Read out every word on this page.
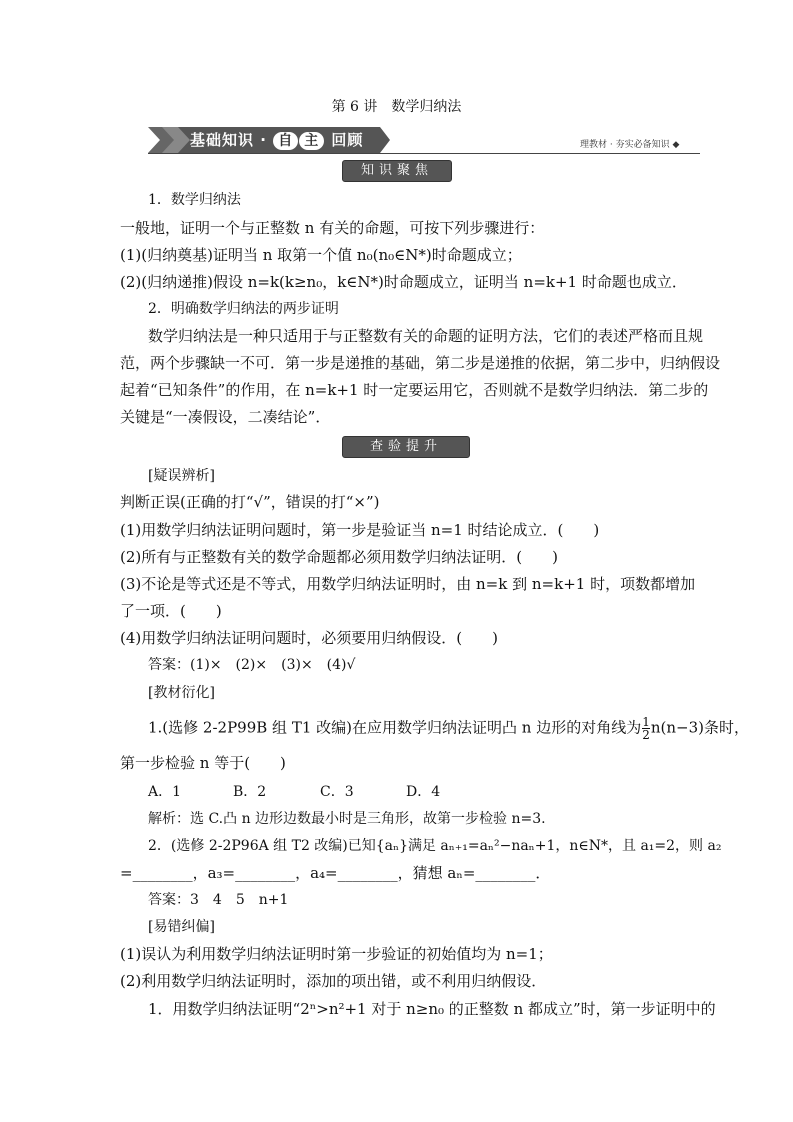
第 6 讲　数学归纳法
基础知识 · 自 主 回顾	理教材 · 夯实必备知识 ◆
知识聚焦
1．数学归纳法
一般地，证明一个与正整数 n 有关的命题，可按下列步骤进行：
(1)(归纳奠基)证明当 n 取第一个值 n₀(n₀∈N*)时命题成立；
(2)(归纳递推)假设 n=k(k≥n₀，k∈N*)时命题成立，证明当 n=k+1 时命题也成立．
2．明确数学归纳法的两步证明
数学归纳法是一种只适用于与正整数有关的命题的证明方法，它们的表述严格而且规
范，两个步骤缺一不可．第一步是递推的基础，第二步是递推的依据，第二步中，归纳假设
起着“已知条件”的作用，在 n=k+1 时一定要运用它，否则就不是数学归纳法．第二步的
关键是“一凑假设，二凑结论”．
查验提升
[疑误辨析]
判断正误(正确的打“√”，错误的打“×”)
(1)用数学归纳法证明问题时，第一步是验证当 n=1 时结论成立．(　　)
(2)所有与正整数有关的数学命题都必须用数学归纳法证明．(　　)
(3)不论是等式还是不等式，用数学归纳法证明时，由 n=k 到 n=k+1 时，项数都增加
了一项．(　　)
(4)用数学归纳法证明问题时，必须要用归纳假设．(　　)
答案：(1)×　(2)×　(3)×　(4)√
[教材衍化]
1.(选修 2-2P99B 组 T1 改编)在应用数学归纳法证明凸 n 边形的对角线为 $\frac{1}{2} n(n-3)$条时，
第一步检验 n 等于(　　)
A．1	B．2	C．3	D．4
解析：选 C.凸 n 边形边数最小时是三角形，故第一步检验 n=3.
2．(选修 2-2P96A 组 T2 改编)已知{aₙ}满足 aₙ₊₁=aₙ²−naₙ+1，n∈N*，且 a₁=2，则 a₂
=________，a₃=________，a₄=________，猜想 aₙ=________．
答案：3　4　5　n+1
[易错纠偏]
(1)误认为利用数学归纳法证明时第一步验证的初始值均为 n=1；
(2)利用数学归纳法证明时，添加的项出错，或不利用归纳假设．
1．用数学归纳法证明“2ⁿ>n²+1 对于 n≥n₀ 的正整数 n 都成立”时，第一步证明中的
